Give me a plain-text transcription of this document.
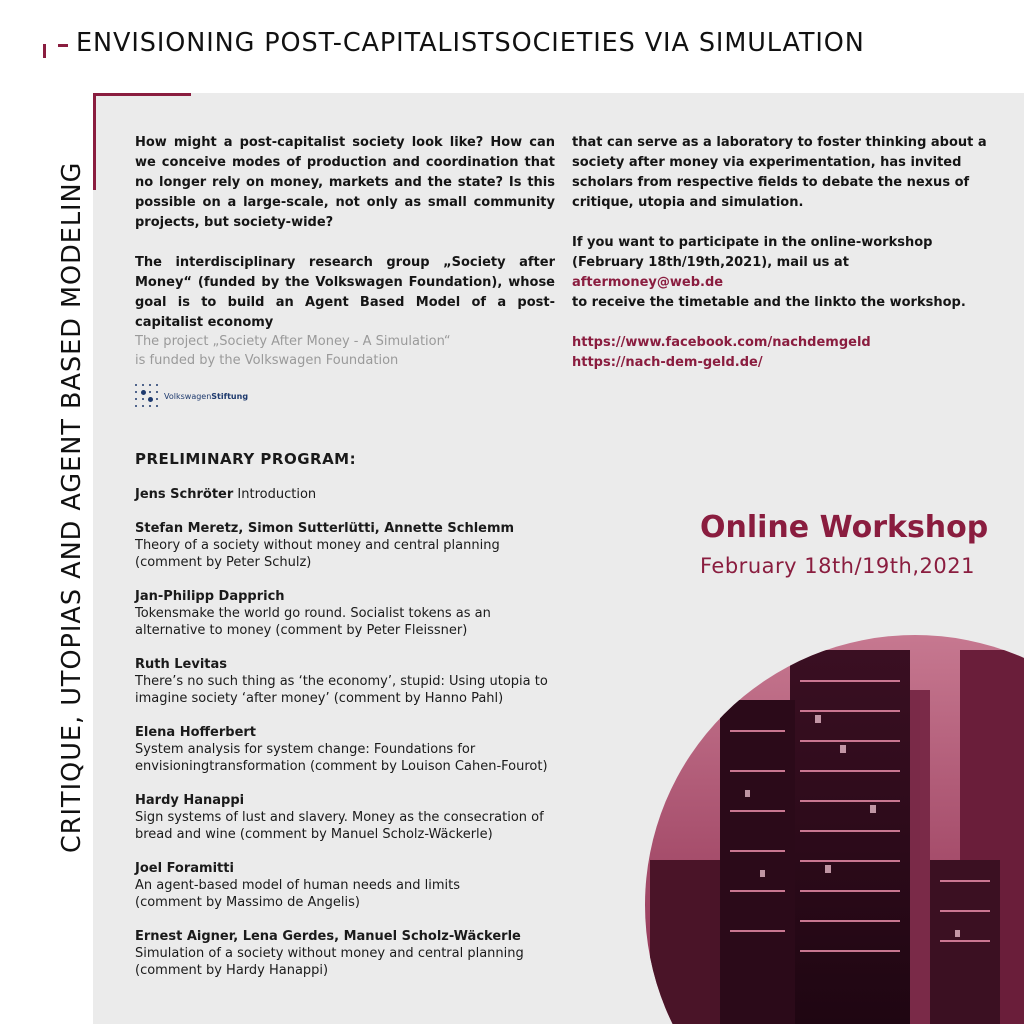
ENVISIONING POST-CAPITALISTSOCIETIES VIA SIMULATION
CRITIQUE, UTOPIAS AND AGENT BASED MODELING

How might a post-capitalist society look like? How can we conceive modes of production and coordination that no longer rely on money, markets and the state? Is this possible on a large-scale, not only as small community projects, but society-wide?

The interdisciplinary research group „Society after Money“ (funded by the Volkswagen Foundation), whose goal is to build an Agent Based Model of a post-capitalist economy

that can serve as a laboratory to foster thinking about a society after money via experimentation, has invited scholars from respective fields to debate the nexus of critique, utopia and simulation.

If you want to participate in the online-workshop (February 18th/19th,2021), mail us at

aftermoney@web.de

to receive the timetable and the linkto the workshop.

https://www.facebook.com/nachdemgeld
https://nach-dem-geld.de/
The project „Society After Money - A Simulation“
is funded by the Volkswagen Foundation
VolkswagenStiftung
PRELIMINARY PROGRAM:
Jens Schröter Introduction
Stefan Meretz, Simon Sutterlütti, Annette Schlemm
Theory of a society without money and central planning (comment by Peter Schulz)
Jan-Philipp Dapprich
Tokensmake the world go round. Socialist tokens as an alternative to money (comment by Peter Fleissner)
Ruth Levitas
There’s no such thing as ‘the economy’, stupid: Using utopia to imagine society ‘after money’ (comment by Hanno Pahl)
Elena Hofferbert
System analysis for system change: Foundations for envisioningtransformation (comment by Louison Cahen-Fourot)
Hardy Hanappi
Sign systems of lust and slavery. Money as the consecration of bread and wine (comment by Manuel Scholz-Wäckerle)
Joel Foramitti
An agent-based model of human needs and limits
(comment by Massimo de Angelis)
Ernest Aigner, Lena Gerdes, Manuel Scholz-Wäckerle
Simulation of a society without money and central planning (comment by Hardy Hanappi)
Online Workshop
February 18th/19th,2021
